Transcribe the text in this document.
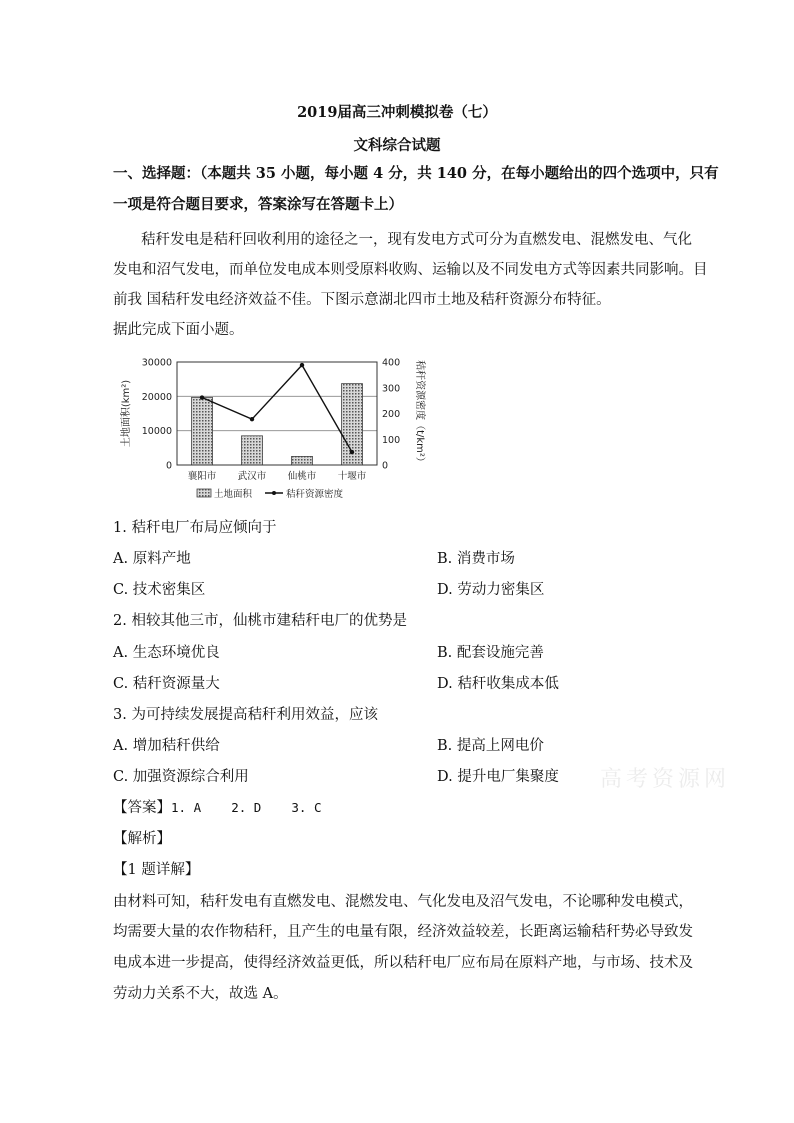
2019届高三冲刺模拟卷（七）
文科综合试题
一、选择题：（本题共 35 小题，每小题 4 分，共 140 分，在每小题给出的四个选项中，只有
一项是符合题目要求，答案涂写在答题卡上）
秸秆发电是秸秆回收利用的途径之一，现有发电方式可分为直燃发电、混燃发电、气化
发电和沼气发电，而单位发电成本则受原料收购、运输以及不同发电方式等因素共同影响。目
前我 国秸秆发电经济效益不佳。下图示意湖北四市土地及秸秆资源分布特征。
据此完成下面小题。
0
10000
20000
30000
0
100
200
300
400
襄阳市 武汉市 仙桃市 十堰市
土地面积(km²)	秸秆资源密度（t/km²）
土地面积	秸秆资源密度
1. 秸秆电厂布局应倾向于
A. 原料产地	B. 消费市场
C. 技术密集区	D. 劳动力密集区
2. 相较其他三市，仙桃市建秸秆电厂的优势是
A. 生态环境优良	B. 配套设施完善
C. 秸秆资源量大	D. 秸秆收集成本低
3. 为可持续发展提高秸秆利用效益，应该
A. 增加秸秆供给	B. 提高上网电价
C. 加强资源综合利用	D. 提升电厂集聚度
【答案】1. A    2. D    3. C
【解析】
【1 题详解】
由材料可知，秸秆发电有直燃发电、混燃发电、气化发电及沼气发电，不论哪种发电模式，
均需要大量的农作物秸秆，且产生的电量有限，经济效益较差，长距离运输秸秆势必导致发
电成本进一步提高，使得经济效益更低，所以秸秆电厂应布局在原料产地，与市场、技术及
劳动力关系不大，故选 A。
高考资源网
